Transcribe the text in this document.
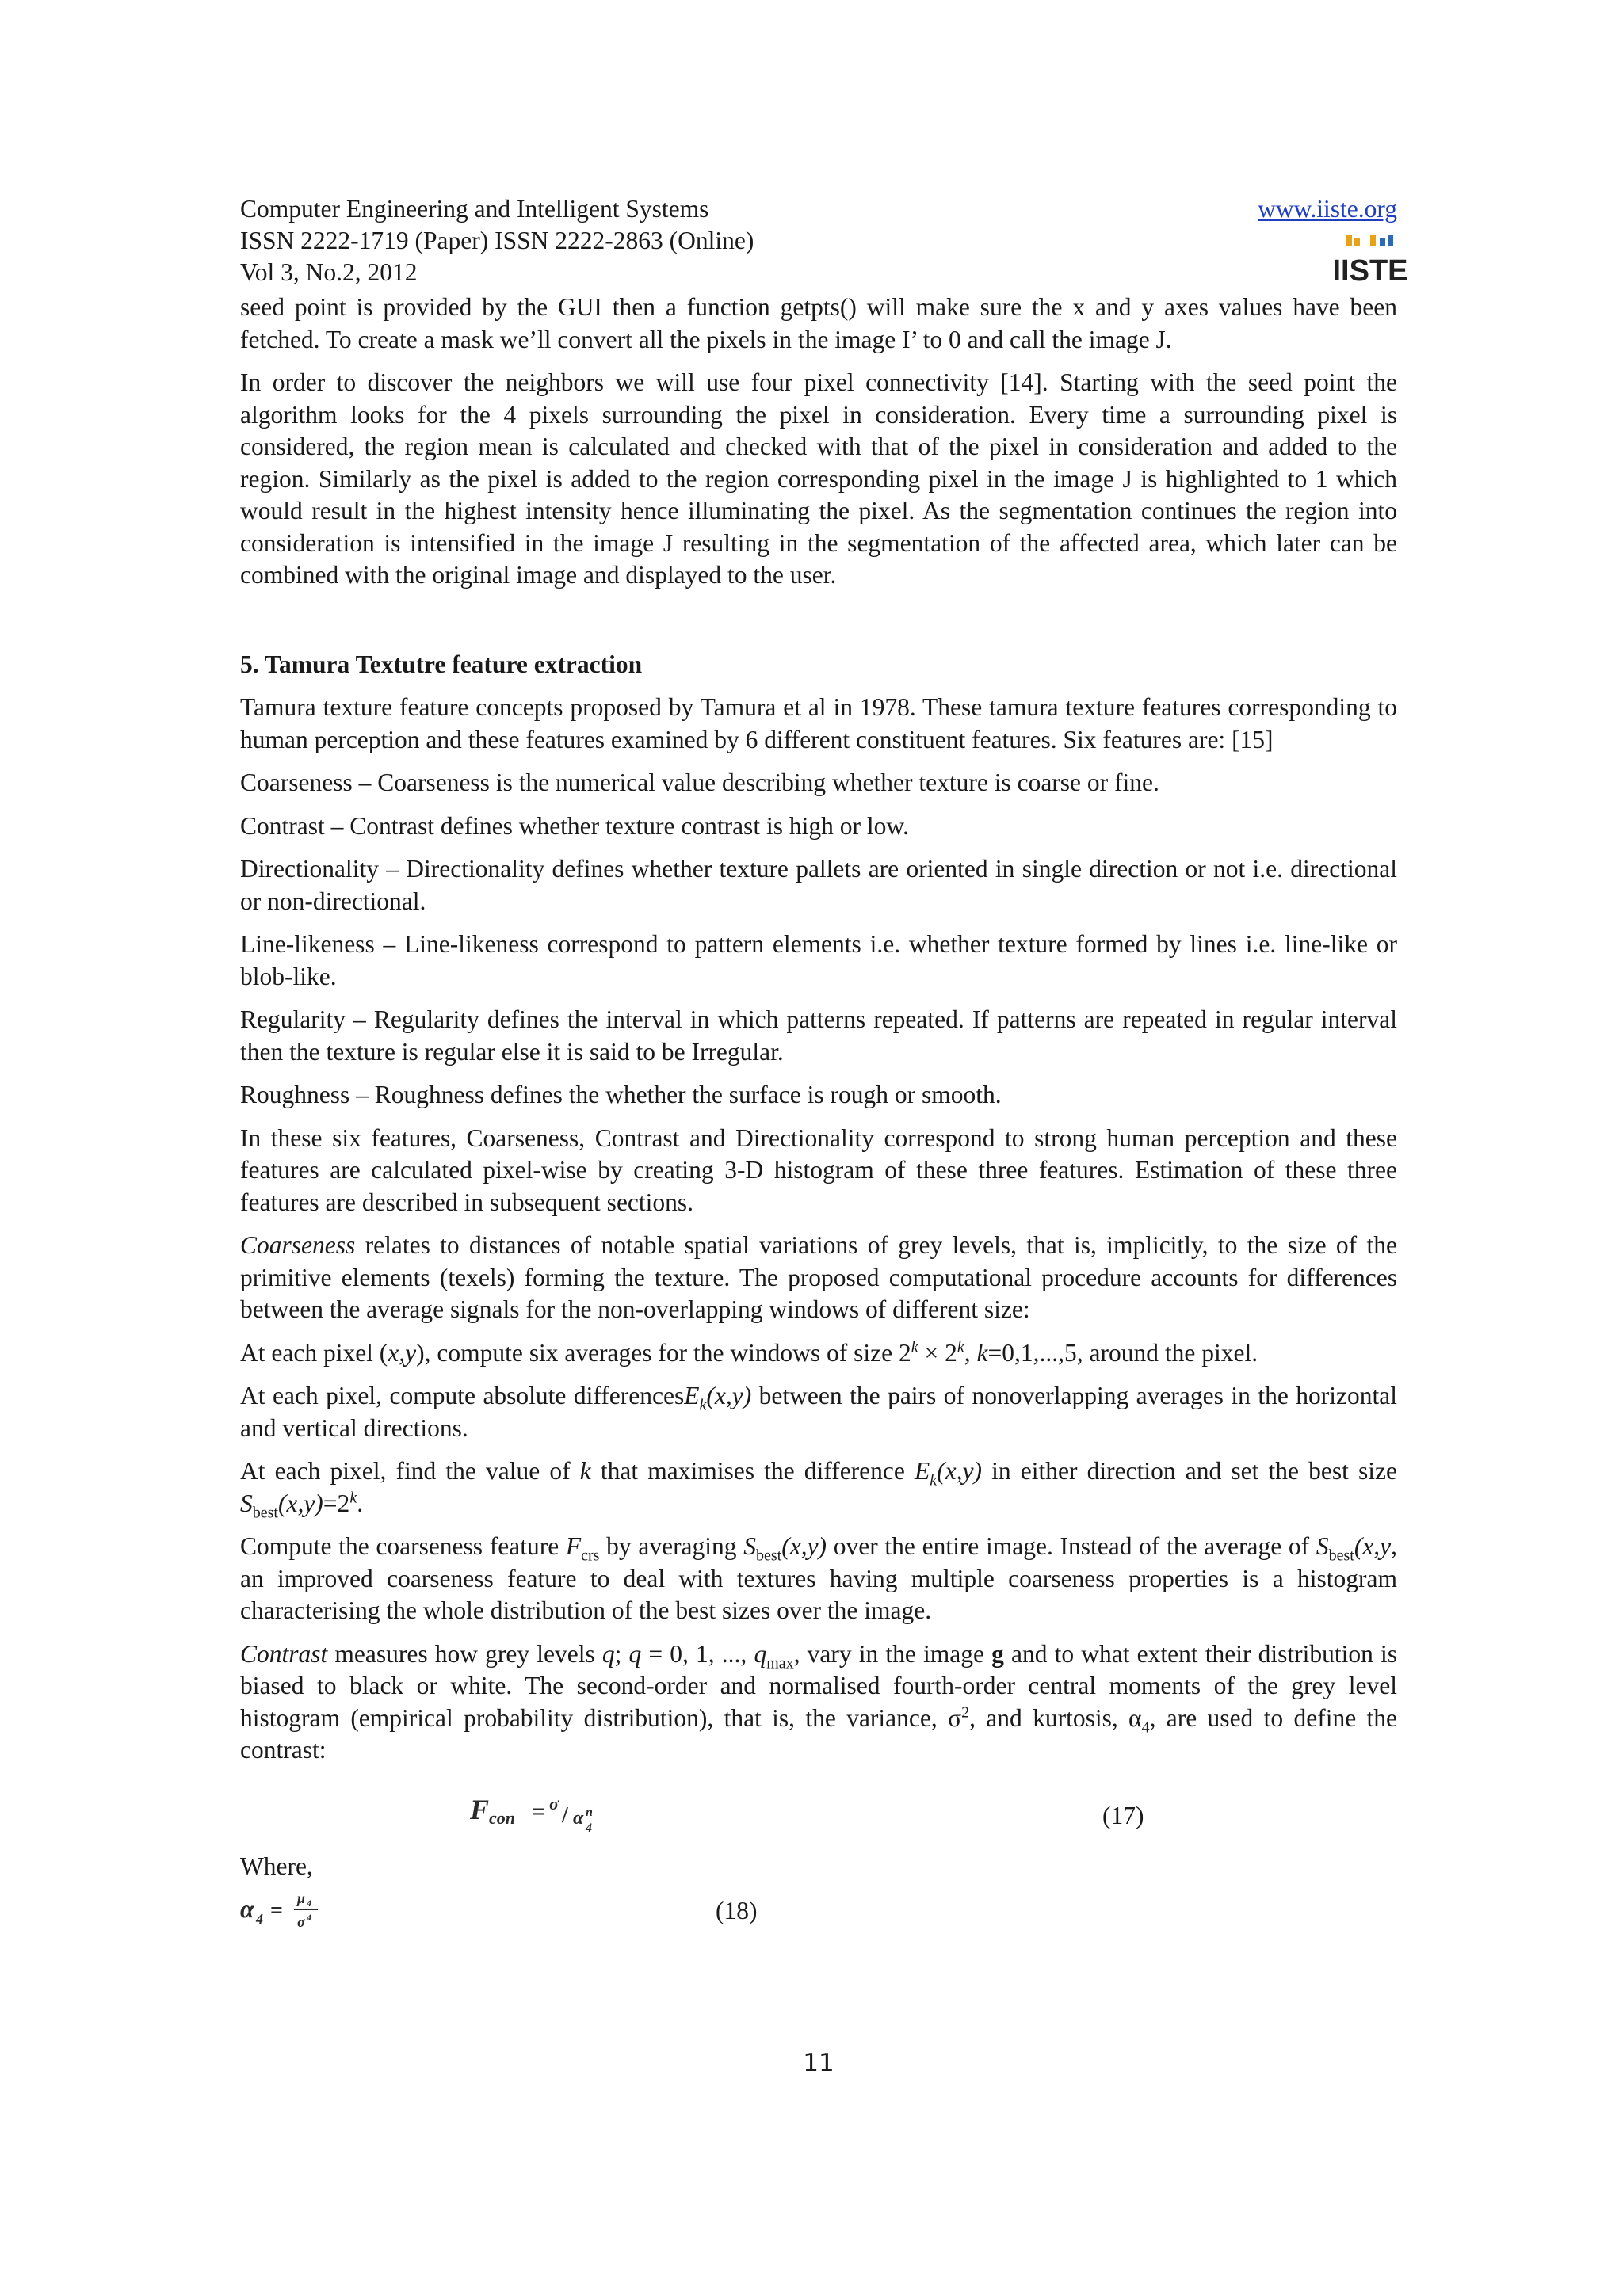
Computer Engineering and Intelligent Systems
ISSN 2222-1719 (Paper) ISSN 2222-2863 (Online)
Vol 3, No.2, 2012
www.iiste.org
IISTE

seed point is provided by the GUI then a function getpts() will make sure the x and y axes values have been fetched. To create a mask we’ll convert all the pixels in the image I’ to 0 and call the image J.

In order to discover the neighbors we will use four pixel connectivity [14]. Starting with the seed point the algorithm looks for the 4 pixels surrounding the pixel in consideration. Every time a surrounding pixel is considered, the region mean is calculated and checked with that of the pixel in consideration and added to the region. Similarly as the pixel is added to the region corresponding pixel in the image J is highlighted to 1 which would result in the highest intensity hence illuminating the pixel. As the segmentation continues the region into consideration is intensified in the image J resulting in the segmentation of the affected area, which later can be combined with the original image and displayed to the user.

5. Tamura Textutre feature extraction

Tamura texture feature concepts proposed by Tamura et al in 1978. These tamura texture features corresponding to human perception and these features examined by 6 different constituent features. Six features are: [15]

Coarseness – Coarseness is the numerical value describing whether texture is coarse or fine.

Contrast – Contrast defines whether texture contrast is high or low.

Directionality – Directionality defines whether texture pallets are oriented in single direction or not i.e. directional or non-directional.

Line-likeness – Line-likeness correspond to pattern elements i.e. whether texture formed by lines i.e. line-like or blob-like.

Regularity – Regularity defines the interval in which patterns repeated. If patterns are repeated in regular interval then the texture is regular else it is said to be Irregular.

Roughness – Roughness defines the whether the surface is rough or smooth.

In these six features, Coarseness, Contrast and Directionality correspond to strong human perception and these features are calculated pixel-wise by creating 3-D histogram of these three features. Estimation of these three features are described in subsequent sections.

Coarseness relates to distances of notable spatial variations of grey levels, that is, implicitly, to the size of the primitive elements (texels) forming the texture. The proposed computational procedure accounts for differences between the average signals for the non-overlapping windows of different size:

At each pixel (x,y), compute six averages for the windows of size $2^k \times 2^k$, k=0,1,...,5, around the pixel.

At each pixel, compute absolute differencesE$_k$(x,y) between the pairs of nonoverlapping averages in the horizontal and vertical directions.

At each pixel, find the value of k that maximises the difference $E_k(x,y)$ in either direction and set the best size $S_{best}(x,y)=2^k$.

Compute the coarseness feature $F_{crs}$ by averaging $S_{best}(x,y)$ over the entire image. Instead of the average of $S_{best}(x,y$, an improved coarseness feature to deal with textures having multiple coarseness properties is a histogram characterising the whole distribution of the best sizes over the image.

Contrast measures how grey levels q; q = 0, 1, ..., $q_{max}$, vary in the image g and to what extent their distribution is biased to black or white. The second-order and normalised fourth-order central moments of the grey level histogram (empirical probability distribution), that is, the variance, $\sigma^2$, and kurtosis, $\alpha_4$, are used to define the contrast:

F con = σ / α n
4	(17)
Where,
α 4 = μ 4
σ 4	(18)
11
